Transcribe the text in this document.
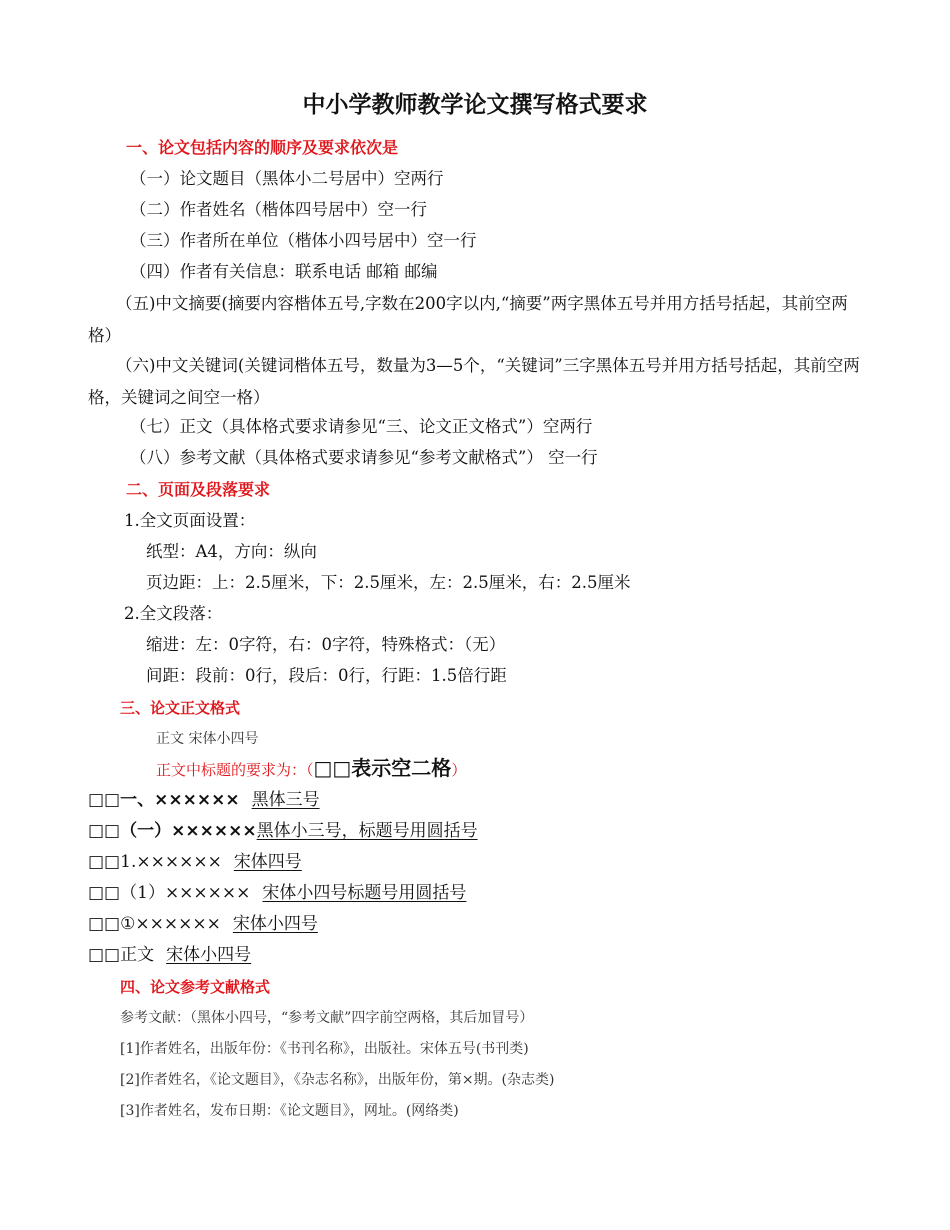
中小学教师教学论文撰写格式要求
一、论文包括内容的顺序及要求依次是
（一）论文题目（黑体小二号居中）空两行
（二）作者姓名（楷体四号居中）空一行
（三）作者所在单位（楷体小四号居中）空一行
（四）作者有关信息：联系电话 邮箱 邮编
（五)中文摘要(摘要内容楷体五号,字数在200字以内,“摘要”两字黑体五号并用方括号括起，其前空两格）
（六)中文关键词(关键词楷体五号，数量为3—5个，“关键词”三字黑体五号并用方括号括起，其前空两格，关键词之间空一格）
（七）正文（具体格式要求请参见“三、论文正文格式”）空两行
（八）参考文献（具体格式要求请参见“参考文献格式”） 空一行
二、页面及段落要求
1.全文页面设置：
纸型：A4，方向：纵向
页边距：上：2.5厘米，下：2.5厘米，左：2.5厘米，右：2.5厘米
2.全文段落：
缩进：左：0字符，右：0字符，特殊格式：（无）
间距：段前：0行，段后：0行，行距：1.5倍行距
三、论文正文格式
正文 宋体小四号
正文中标题的要求为：（□□表示空二格）
□□一、×××××× 黑体三号
□□（一）××××××黑体小三号，标题号用圆括号
□□1.×××××× 宋体四号
□□（1）×××××× 宋体小四号标题号用圆括号
□□①×××××× 宋体小四号
□□正文 宋体小四号
四、论文参考文献格式
参考文献：（黑体小四号，“参考文献”四字前空两格，其后加冒号）
[1]作者姓名，出版年份：《书刊名称》，出版社。宋体五号(书刊类)
[2]作者姓名，《论文题目》，《杂志名称》，出版年份，第×期。(杂志类)
[3]作者姓名，发布日期：《论文题目》，网址。(网络类)
